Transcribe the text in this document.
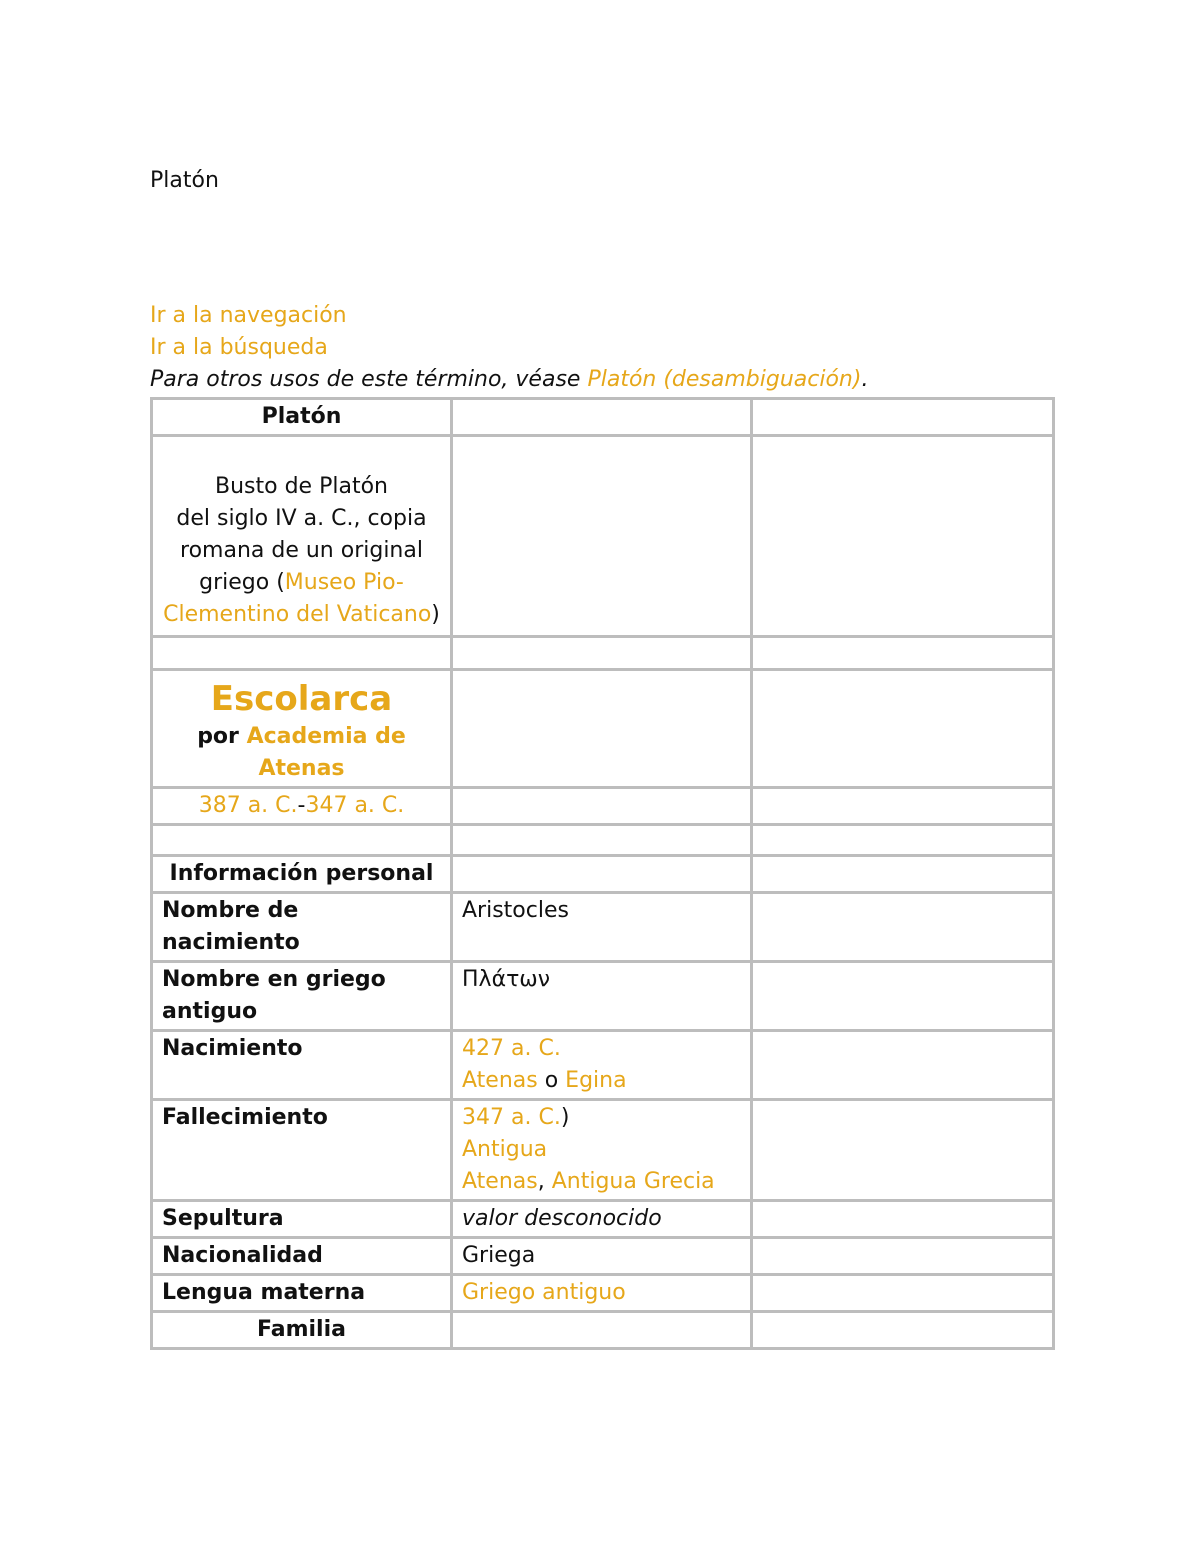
Platón
Ir a la navegación
Ir a la búsqueda
Para otros usos de este término, véase Platón (desambiguación).
Platón		

Busto de Platón
del siglo IV a. C., copia romana de un original griego (Museo Pio-Clementino del Vaticano)		

Escolarca
por Academia de Atenas		

387 a. C.-347 a. C.		

Información personal		
Nombre de nacimiento	Aristocles	
Nombre en griego antiguo	Πλάτων	
Nacimiento	427 a. C.
Atenas o Egina	

Fallecimiento	347 a. C.)
Antigua
Atenas, Antigua Grecia	

Sepultura	valor desconocido	
Nacionalidad	Griega	
Lengua materna	Griego antiguo	
Familia		
